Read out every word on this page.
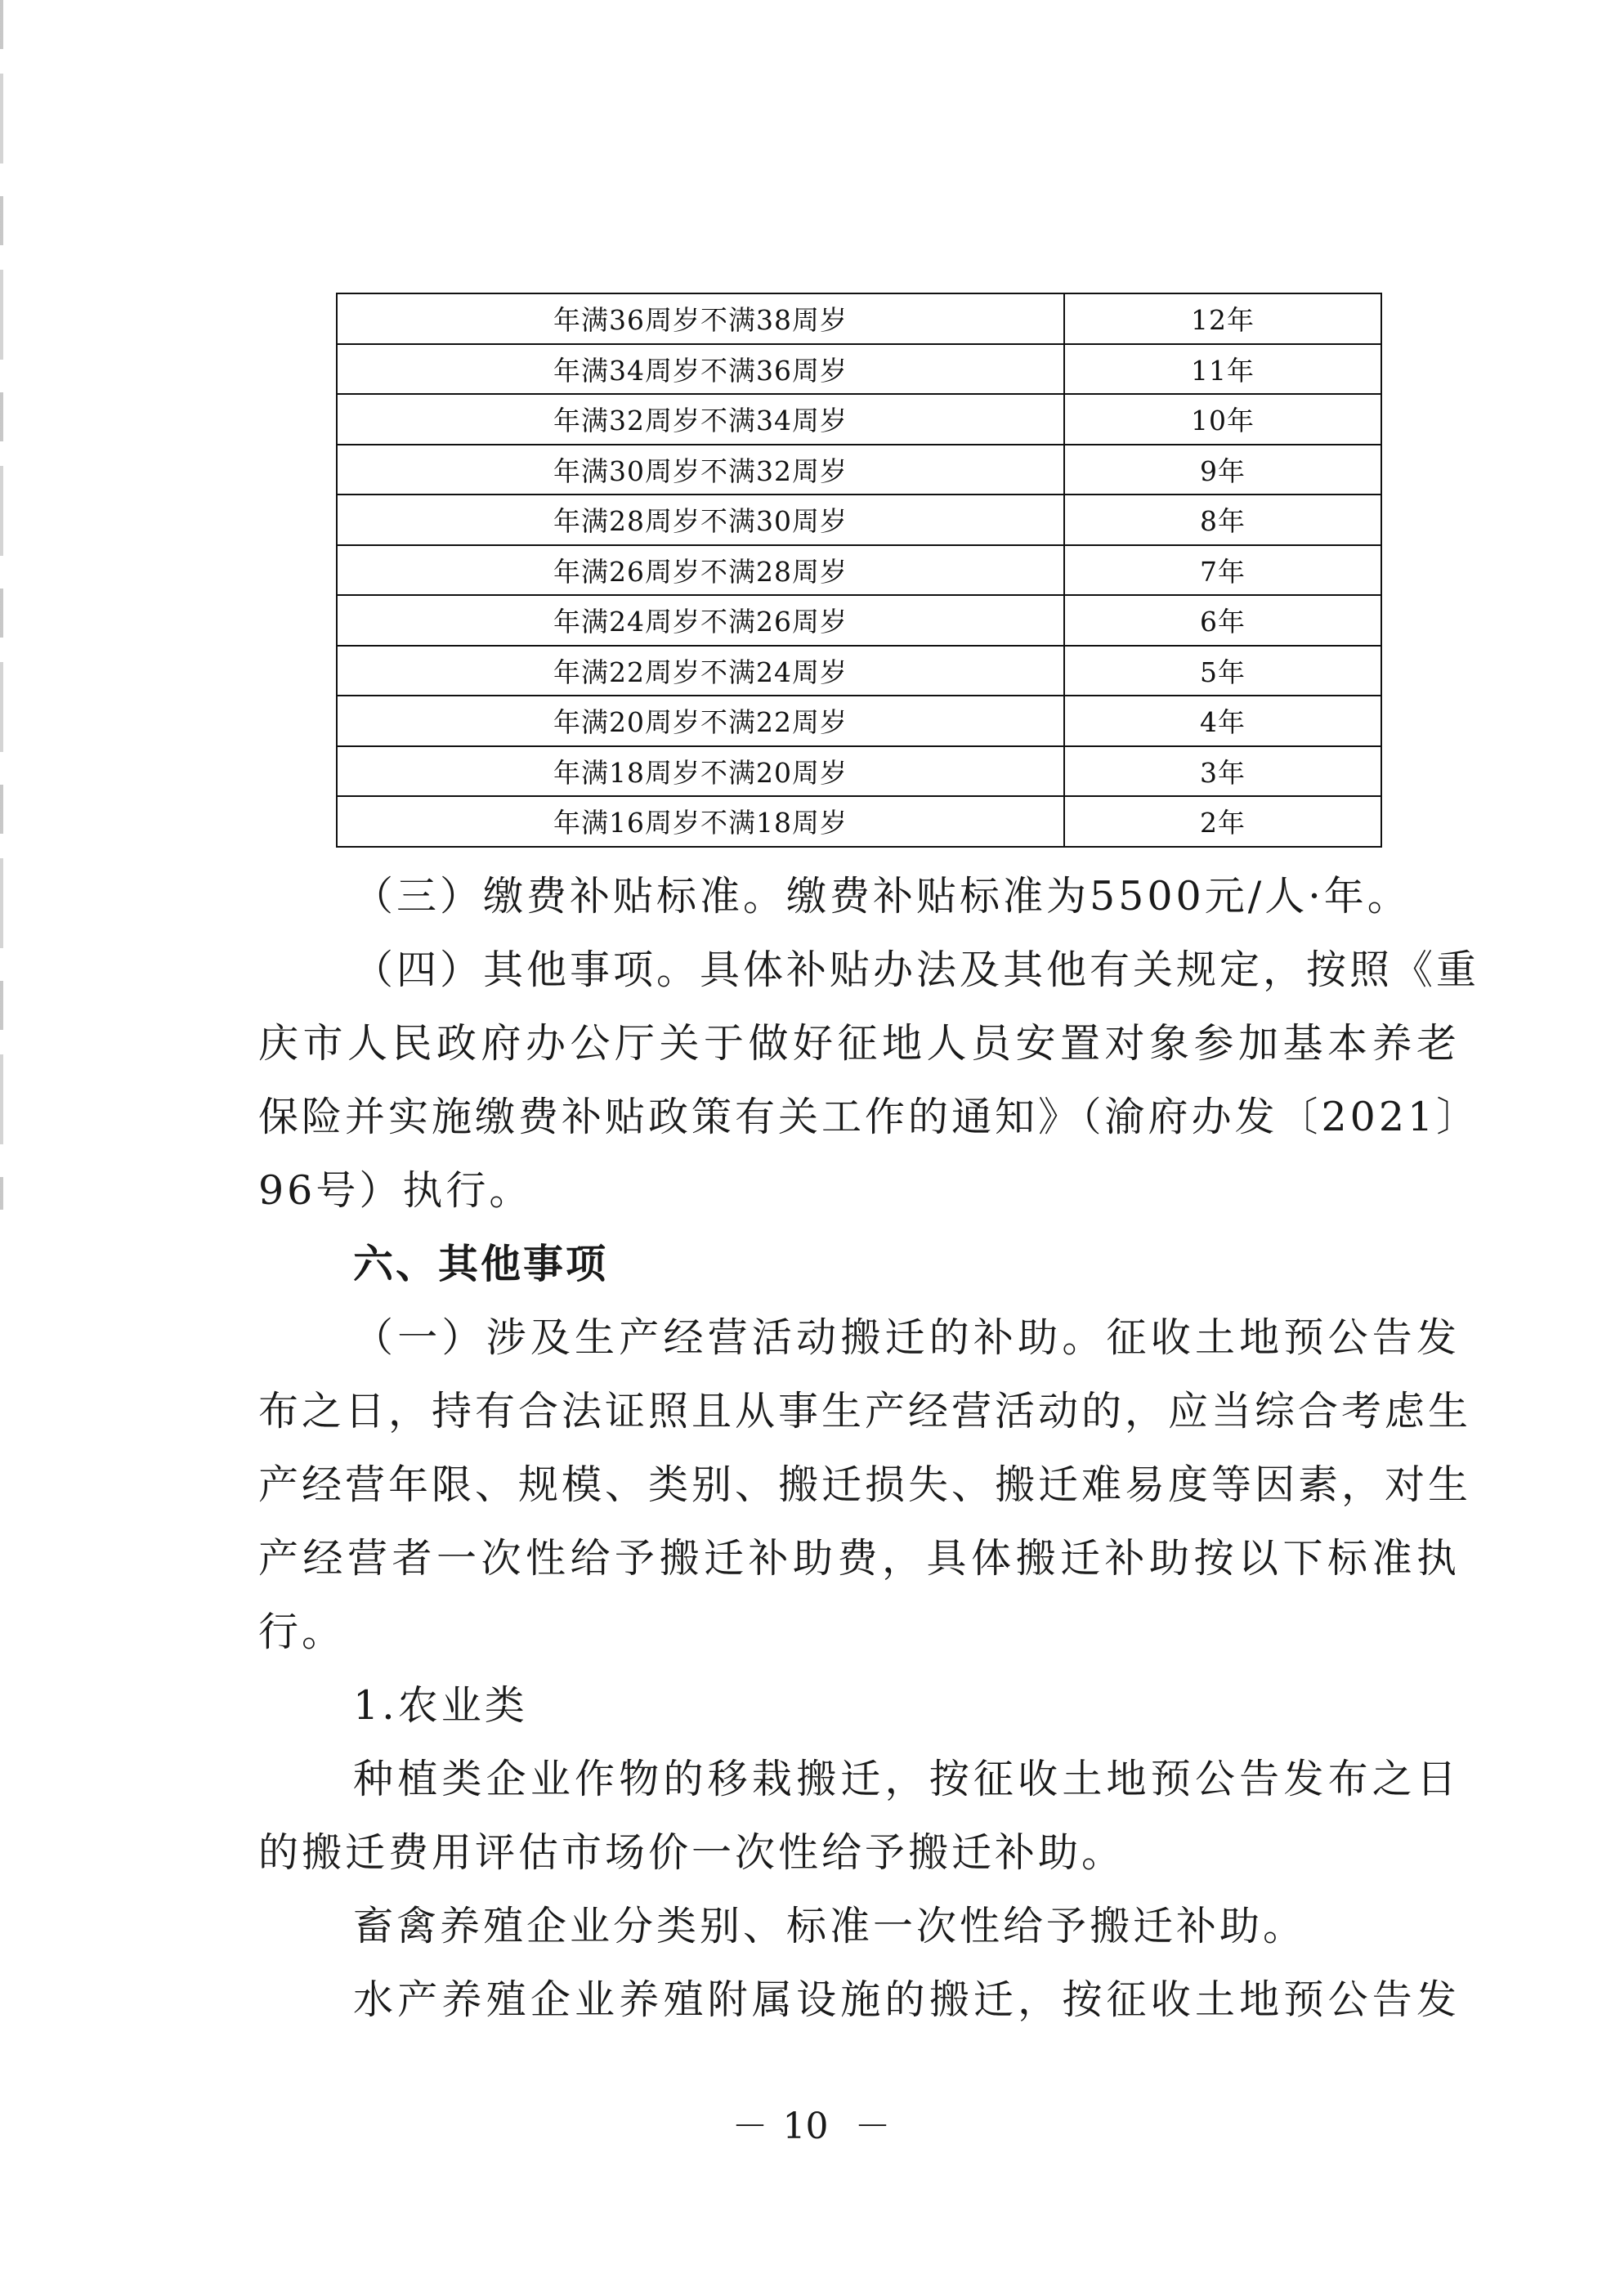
年满36周岁不满38周岁	12年
年满34周岁不满36周岁	11年
年满32周岁不满34周岁	10年
年满30周岁不满32周岁	9年
年满28周岁不满30周岁	8年
年满26周岁不满28周岁	7年
年满24周岁不满26周岁	6年
年满22周岁不满24周岁	5年
年满20周岁不满22周岁	4年
年满18周岁不满20周岁	3年
年满16周岁不满18周岁	2年
（三）缴费补贴标准。缴费补贴标准为5500元/人·年。
（四）其他事项。具体补贴办法及其他有关规定，按照《重
庆市人民政府办公厅关于做好征地人员安置对象参加基本养老
保险并实施缴费补贴政策有关工作的通知》（渝府办发〔2021〕
96号）执行。
六、其他事项
（一）涉及生产经营活动搬迁的补助。征收土地预公告发
布之日，持有合法证照且从事生产经营活动的，应当综合考虑生
产经营年限、规模、类别、搬迁损失、搬迁难易度等因素，对生
产经营者一次性给予搬迁补助费，具体搬迁补助按以下标准执
行。
1.农业类
种植类企业作物的移栽搬迁，按征收土地预公告发布之日
的搬迁费用评估市场价一次性给予搬迁补助。
畜禽养殖企业分类别、标准一次性给予搬迁补助。
水产养殖企业养殖附属设施的搬迁，按征收土地预公告发
－ 10 －
